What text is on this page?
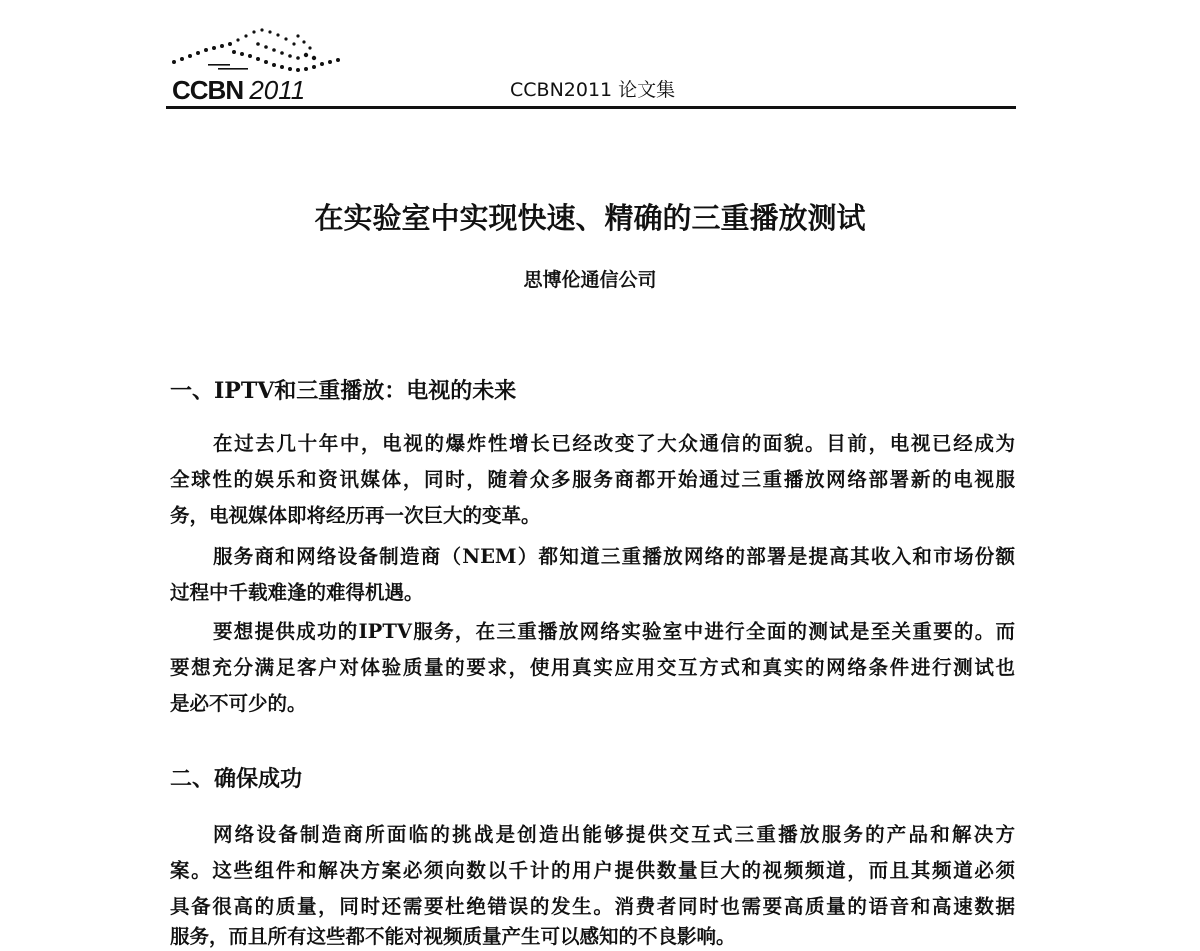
CCBN 2011	CCBN2011 论文集
在实验室中实现快速、精确的三重播放测试
思博伦通信公司
一、IPTV和三重播放：电视的未来
在过去几十年中，电视的爆炸性增长已经改变了大众通信的面貌。目前，电视已经成为
全球性的娱乐和资讯媒体，同时，随着众多服务商都开始通过三重播放网络部署新的电视服
务，电视媒体即将经历再一次巨大的变革。
服务商和网络设备制造商（NEM）都知道三重播放网络的部署是提高其收入和市场份额
过程中千载难逢的难得机遇。
要想提供成功的IPTV服务，在三重播放网络实验室中进行全面的测试是至关重要的。而
要想充分满足客户对体验质量的要求，使用真实应用交互方式和真实的网络条件进行测试也
是必不可少的。
二、确保成功
网络设备制造商所面临的挑战是创造出能够提供交互式三重播放服务的产品和解决方
案。这些组件和解决方案必须向数以千计的用户提供数量巨大的视频频道，而且其频道必须
具备很高的质量，同时还需要杜绝错误的发生。消费者同时也需要高质量的语音和高速数据
服务，而且所有这些都不能对视频质量产生可以感知的不良影响。
